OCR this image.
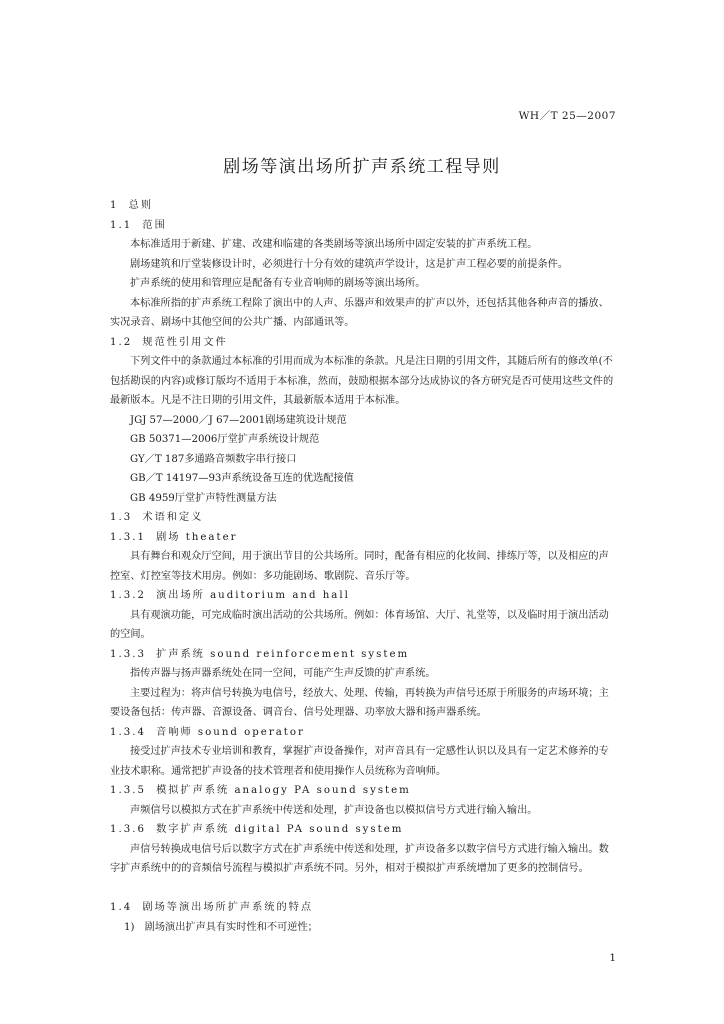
WH／T 25—2007
剧场等演出场所扩声系统工程导则
1　 总则
1.1　 范围
本标准适用于新建、扩建、改建和临建的各类剧场等演出场所中固定安装的扩声系统工程。
剧场建筑和厅堂装修设计时，必须进行十分有效的建筑声学设计，这是扩声工程必要的前提条件。
扩声系统的使用和管理应是配备有专业音响师的剧场等演出场所。
本标准所指的扩声系统工程除了演出中的人声、乐器声和效果声的扩声以外，还包括其他各种声音的播放、实况录音、剧场中其他空间的公共广播、内部通讯等。
1.2　 规范性引用文件
下列文件中的条款通过本标准的引用而成为本标准的条款。凡是注日期的引用文件，其随后所有的修改单(不包括勘误的内容)或修订版均不适用于本标准，然而，鼓励根据本部分达成协议的各方研究是否可使用这些文件的最新版本。凡是不注日期的引用文件，其最新版本适用于本标准。
JGJ 57—2000／J 67—2001剧场建筑设计规范
GB 50371—2006厅堂扩声系统设计规范
GY／T 187多通路音频数字串行接口
GB／T 14197—93声系统设备互连的优选配接值
GB 4959厅堂扩声特性测量方法
1.3　 术语和定义
1.3.1　 剧场 theater
具有舞台和观众厅空间，用于演出节目的公共场所。同时，配备有相应的化妆间、排练厅等，以及相应的声控室、灯控室等技术用房。例如：多功能剧场、歌剧院、音乐厅等。
1.3.2　 演出场所 auditorium and hall
具有观演功能，可完成临时演出活动的公共场所。例如：体育场馆、大厅、礼堂等，以及临时用于演出活动的空间。
1.3.3　 扩声系统 sound reinforcement system
指传声器与扬声器系统处在同一空间，可能产生声反馈的扩声系统。
主要过程为：将声信号转换为电信号，经放大、处理、传输，再转换为声信号还原于所服务的声场环境；主要设备包括：传声器、音源设备、调音台、信号处理器、功率放大器和扬声器系统。
1.3.4　 音响师 sound operator
接受过扩声技术专业培训和教育，掌握扩声设备操作，对声音具有一定感性认识以及具有一定艺术修养的专业技术职称。通常把扩声设备的技术管理者和使用操作人员统称为音响师。
1.3.5　 模拟扩声系统 analogy PA sound system
声频信号以模拟方式在扩声系统中传送和处理，扩声设备也以模拟信号方式进行输入输出。
1.3.6　 数字扩声系统 digital PA sound system
声信号转换成电信号后以数字方式在扩声系统中传送和处理，扩声设备多以数字信号方式进行输入输出。数字扩声系统中的的音频信号流程与模拟扩声系统不同。另外，相对于模拟扩声系统增加了更多的控制信号。
1.4　 剧场等演出场所扩声系统的特点
1)　剧场演出扩声具有实时性和不可逆性；
1
